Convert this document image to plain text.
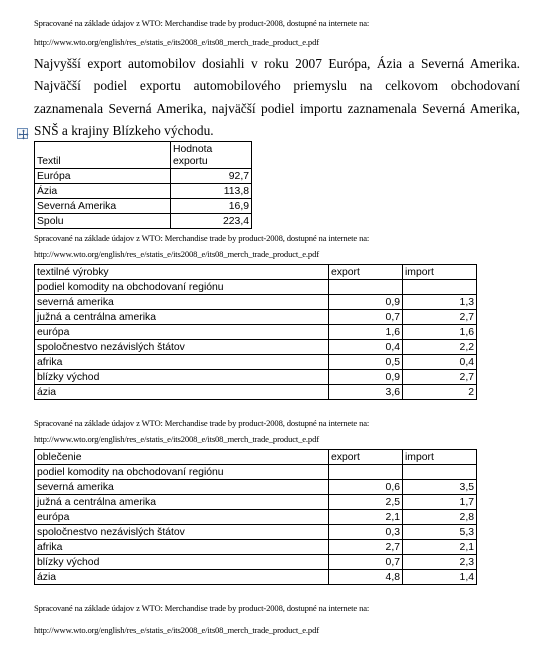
Spracované na základe údajov z WTO: Merchandise trade by product-2008, dostupné na internete na:
http://www.wto.org/english/res_e/statis_e/its2008_e/its08_merch_trade_product_e.pdf
Najvyšší export automobilov dosiahli v roku 2007 Európa, Ázia a Severná Amerika. Najväčší podiel exportu automobilového priemyslu na celkovom obchodovaní zaznamenala Severná Amerika, najväčší podiel importu zaznamenala Severná Amerika, SNŠ a krajiny Blízkeho východu.
Textil	Hodnota exportu
Európa	92,7
Ázia	113,8
Severná Amerika	16,9
Spolu	223,4
Spracované na základe údajov z WTO: Merchandise trade by product-2008, dostupné na internete na:
http://www.wto.org/english/res_e/statis_e/its2008_e/its08_merch_trade_product_e.pdf
textilné výrobky	export	import
podiel komodity na obchodovaní regiónu		
severná amerika	0,9	1,3
južná a centrálna amerika	0,7	2,7
európa	1,6	1,6
spoločnestvo nezávislých štátov	0,4	2,2
afrika	0,5	0,4
blízky východ	0,9	2,7
ázia	3,6	2
Spracované na základe údajov z WTO: Merchandise trade by product-2008, dostupné na internete na:
http://www.wto.org/english/res_e/statis_e/its2008_e/its08_merch_trade_product_e.pdf
oblečenie	export	import
podiel komodity na obchodovaní regiónu		
severná amerika	0,6	3,5
južná a centrálna amerika	2,5	1,7
európa	2,1	2,8
spoločnestvo nezávislých štátov	0,3	5,3
afrika	2,7	2,1
blízky východ	0,7	2,3
ázia	4,8	1,4
Spracované na základe údajov z WTO: Merchandise trade by product-2008, dostupné na internete na:
http://www.wto.org/english/res_e/statis_e/its2008_e/its08_merch_trade_product_e.pdf
